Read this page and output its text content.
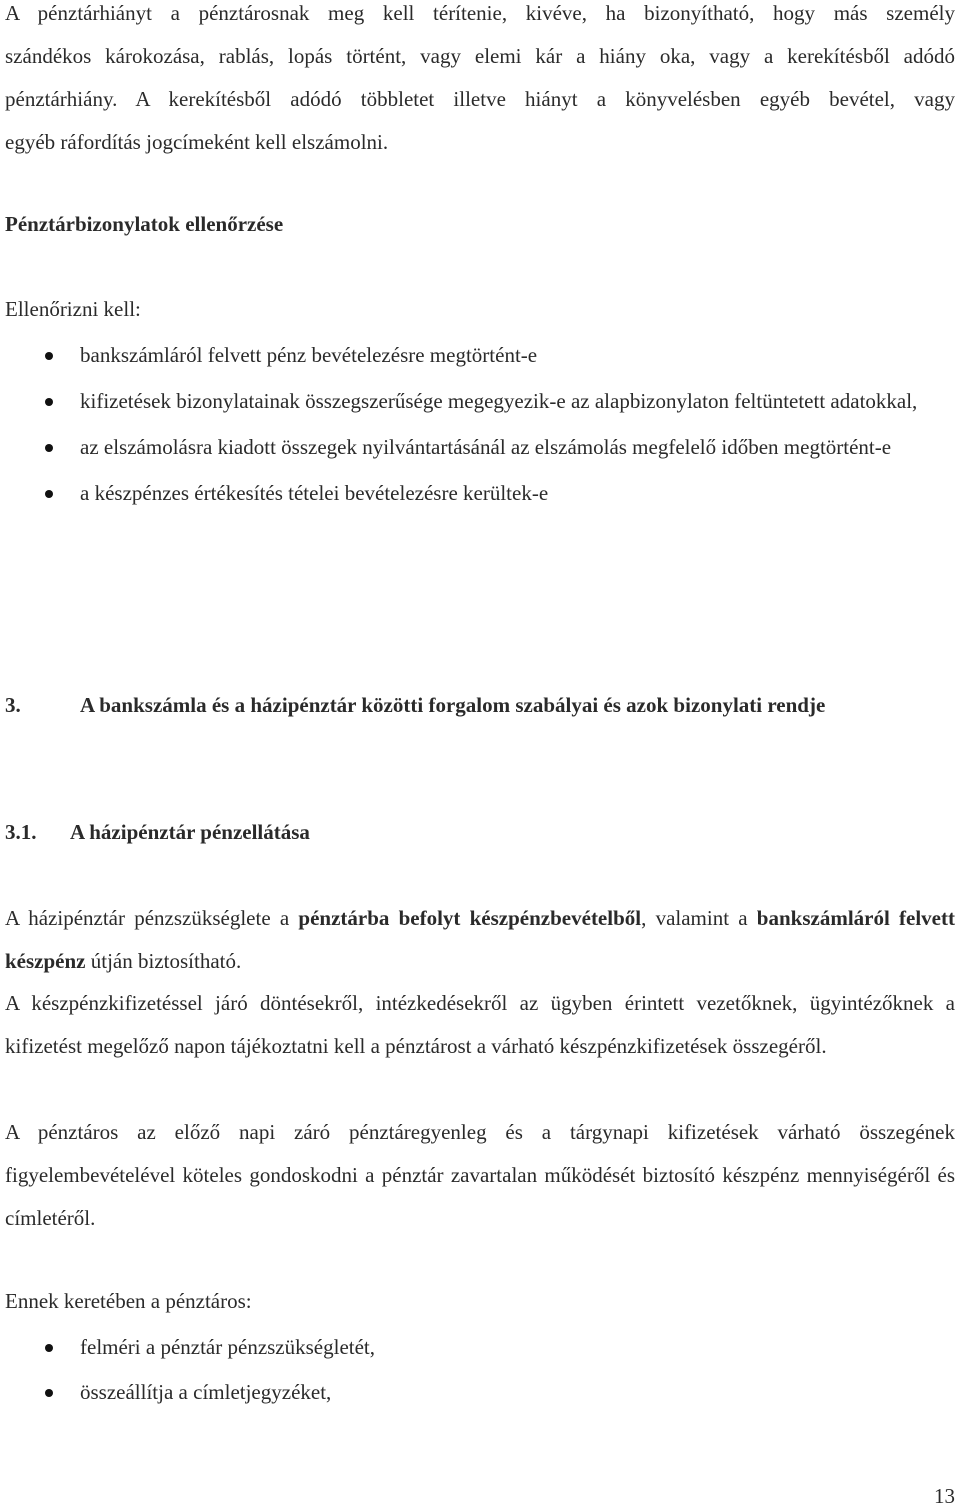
A pénztárhiányt a pénztárosnak meg kell térítenie, kivéve, ha bizonyítható, hogy más személy

szándékos károkozása, rablás, lopás történt, vagy elemi kár a hiány oka, vagy a kerekítésből adódó

pénztárhiány. A kerekítésből adódó többletet illetve hiányt a könyvelésben egyéb bevétel, vagy

egyéb ráfordítás jogcímeként kell elszámolni.

Pénztárbizonylatok ellenőrzése

Ellenőrizni kell:

bankszámláról felvett pénz bevételezésre megtörtént-e
kifizetések bizonylatainak összegszerűsége megegyezik-e az alapbizonylaton feltüntetett adatokkal,
az elszámolásra kiadott összegek nyilvántartásánál az elszámolás megfelelő időben megtörtént-e
a készpénzes értékesítés tételei bevételezésre kerültek-e
3.	A bankszámla és a házipénztár közötti forgalom szabályai és azok bizonylati rendje

3.1. A házipénztár pénzellátása

A házipénztár pénzszükséglete a pénztárba befolyt készpénzbevételből, valamint a bankszámláról felvett készpénz útján biztosítható.

A készpénzkifizetéssel járó döntésekről, intézkedésekről az ügyben érintett vezetőknek, ügyintézőknek a kifizetést megelőző napon tájékoztatni kell a pénztárost a várható készpénzkifizetések összegéről.

A pénztáros az előző napi záró pénztáregyenleg és a tárgynapi kifizetések várható összegének figyelembevételével köteles gondoskodni a pénztár zavartalan működését biztosító készpénz mennyiségéről és címletéről.

Ennek keretében a pénztáros:

felméri a pénztár pénzszükségletét,
összeállítja a címletjegyzéket,
13
